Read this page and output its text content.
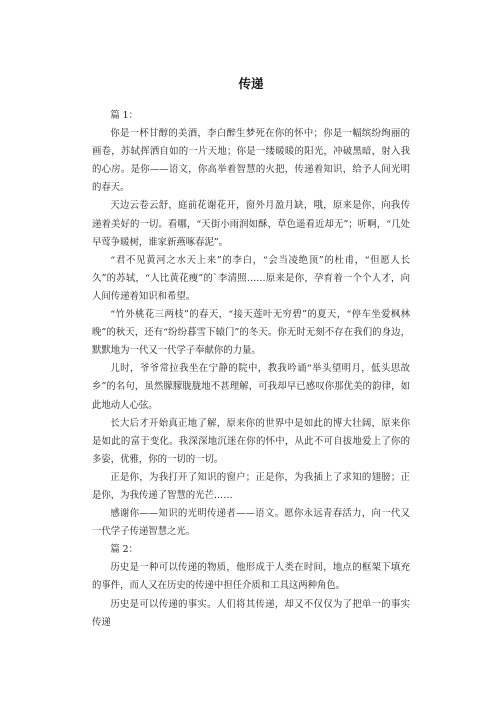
传递

篇 1：

你是一杯甘醇的美酒，李白醉生梦死在你的怀中；你是一幅缤纷绚丽的画卷，苏轼挥洒自如的一片天地；你是一缕暖暖的阳光，冲破黑暗，射入我的心房。是你——语文，你高举着智慧的火把，传递着知识，给予人间光明的春天。

天边云卷云舒，庭前花谢花开，窗外月盈月缺，哦，原来是你，向我传递着美好的一切。看哪，“天街小雨润如酥，草色遥看近却无”；听啊，“几处早莺争暖树，谁家新燕啄春泥”。

“君不见黄河之水天上来”的李白，“会当凌绝顶”的杜甫，“但愿人长久”的苏轼，“人比黄花瘦”的`李清照……原来是你，孕育着一个个人才，向人间传递着知识和希望。

“竹外桃花三两枝”的春天，“接天莲叶无穷碧”的夏天，“停车坐爱枫林晚”的秋天，还有“纷纷暮雪下辕门”的冬天。你无时无刻不存在我们的身边，默默地为一代又一代学子奉献你的力量。

儿时，爷爷常拉我坐在宁静的院中，教我吟诵“举头望明月，低头思故乡”的名句，虽然朦朦胧胧地不甚理解，可我却早已感叹你那优美的韵律，如此地动人心弦。

长大后才开始真正地了解，原来你的世界中是如此的博大壮阔，原来你是如此的富于变化。我深深地沉迷在你的怀中，从此不可自拔地爱上了你的多姿，优雅，你的一切的一切。

正是你，为我打开了知识的窗户；正是你，为我插上了求知的翅膀；正是你，为我传递了智慧的光芒……

感谢你——知识的光明传递者——语文。愿你永远青春活力，向一代又一代学子传递智慧之光。

篇 2：

历史是一种可以传递的物质，他形成于人类在时间，地点的框架下填充的事件，而人又在历史的传递中担任介质和工具这两种角色。

历史是可以传递的事实。人们将其传递，却又不仅仅为了把单一的事实传递
